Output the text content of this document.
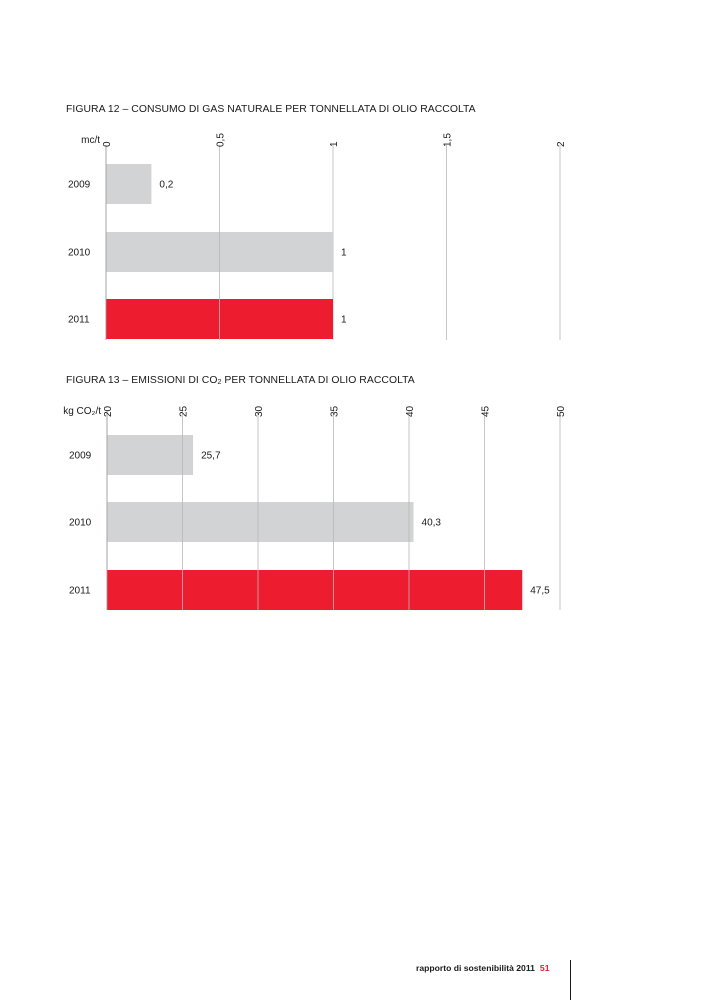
FIGURA 12 – CONSUMO DI GAS NATURALE PER TONNELLATA DI OLIO RACCOLTA
mc/t 0	0,5	1	1,5	2
2009	0,2
2010	1
2011	1
FIGURA 13 – EMISSIONI DI $CO_2$ PER TONNELLATA DI OLIO RACCOLTA
kg CO₂/t 20	25	30	35	40	45	50
2009	25,7
2010	40,3
2011	47,5
rapporto di sostenibilità 2011 51
